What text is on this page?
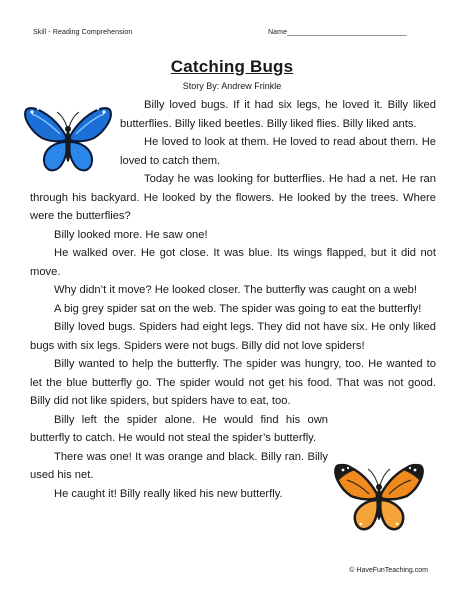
Skill - Reading Comprehension	Name______________________________
Catching Bugs
Story By: Andrew Frinkle

Billy loved bugs. If it had six legs, he loved it. Billy liked butterflies. Billy liked beetles. Billy liked flies. Billy liked ants.

He loved to look at them. He loved to read about them. He loved to catch them.

Today he was looking for butterflies. He had a net. He ran through his backyard. He looked by the flowers. He looked by the trees. Where were the butterflies?

Billy looked more. He saw one!

He walked over. He got close. It was blue. Its wings flapped, but it did not move.

Why didn’t it move? He looked closer. The butterfly was caught on a web!

A big grey spider sat on the web. The spider was going to eat the butterfly!

Billy loved bugs. Spiders had eight legs. They did not have six. He only liked bugs with six legs. Spiders were not bugs. Billy did not love spiders!

Billy wanted to help the butterfly. The spider was hungry, too. He wanted to let the blue butterfly go. The spider would not get his food. That was not good. Billy did not like spiders, but spiders have to eat, too.

Billy left the spider alone. He would find his own butterfly to catch. He would not steal the spider’s butterfly.

There was one! It was orange and black. Billy ran. Billy used his net.

He caught it! Billy really liked his new butterfly.

© HaveFunTeaching.com
